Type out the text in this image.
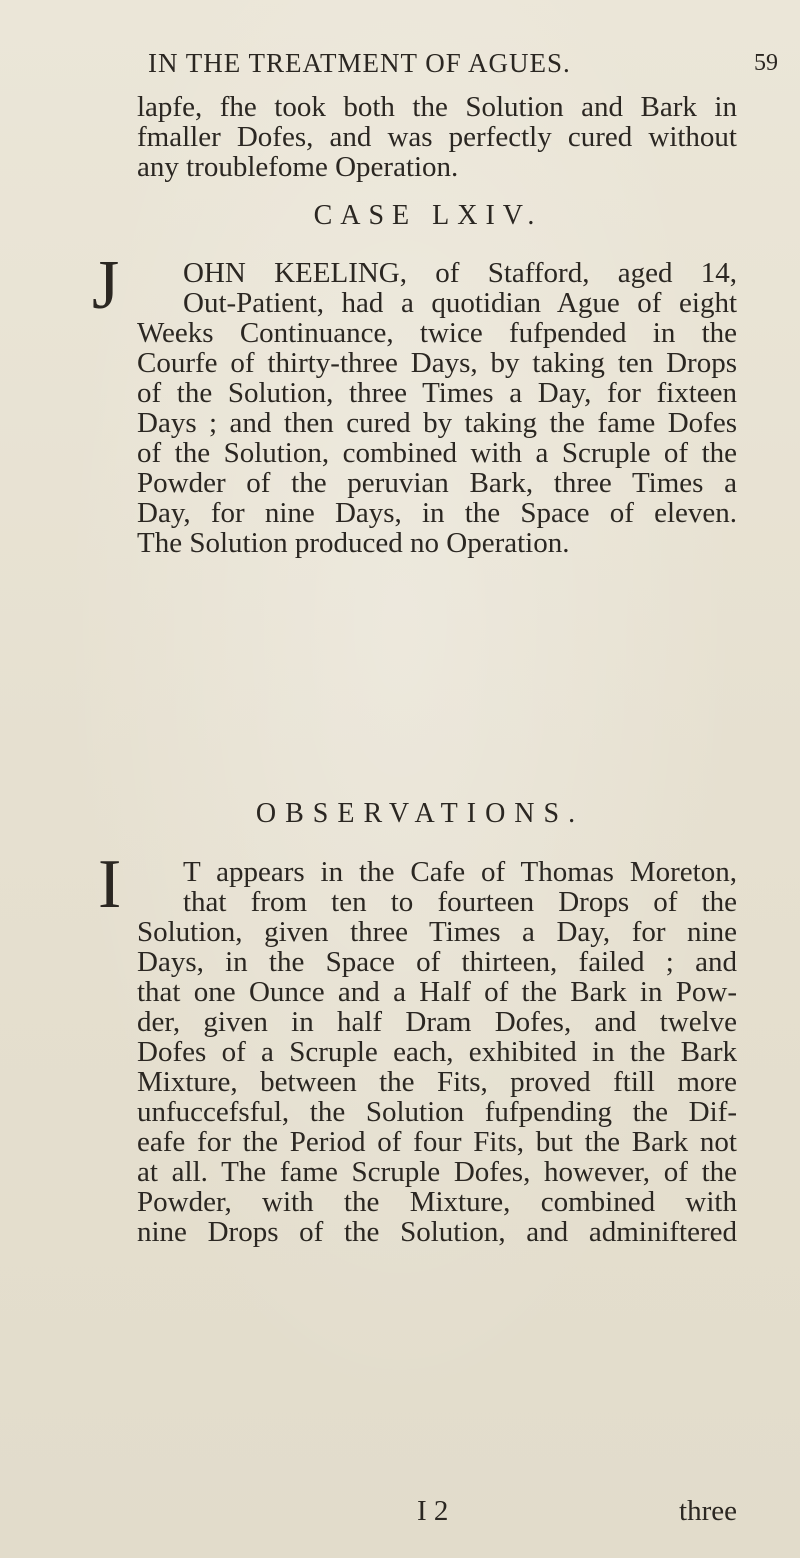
IN THE TREATMENT OF AGUES.	59
lapfe, fhe took both the Solution and Bark in
fmaller Dofes, and was perfectly cured without
any troublefome Operation.
CASE LXIV.
J	OHN KEELING, of Stafford, aged 14,
Out-Patient, had a quotidian Ague of eight
Weeks Continuance, twice fufpended in the
Courfe of thirty-three Days, by taking ten Drops
of the Solution, three Times a Day, for fixteen
Days ; and then cured by taking the fame Dofes
of the Solution, combined with a Scruple of the
Powder of the peruvian Bark, three Times a
Day, for nine Days, in the Space of eleven.
The Solution produced no Operation.
OBSERVATIONS.
I	T appears in the Cafe of Thomas Moreton,
that from ten to fourteen Drops of the
Solution, given three Times a Day, for nine
Days, in the Space of thirteen, failed ; and
that one Ounce and a Half of the Bark in Pow-
der, given in half Dram Dofes, and twelve
Dofes of a Scruple each, exhibited in the Bark
Mixture, between the Fits, proved ftill more
unfuccefsful, the Solution fufpending the Dif-
eafe for the Period of four Fits, but the Bark not
at all. The fame Scruple Dofes, however, of the
Powder, with the Mixture, combined with
nine Drops of the Solution, and adminiftered
I 2	three
